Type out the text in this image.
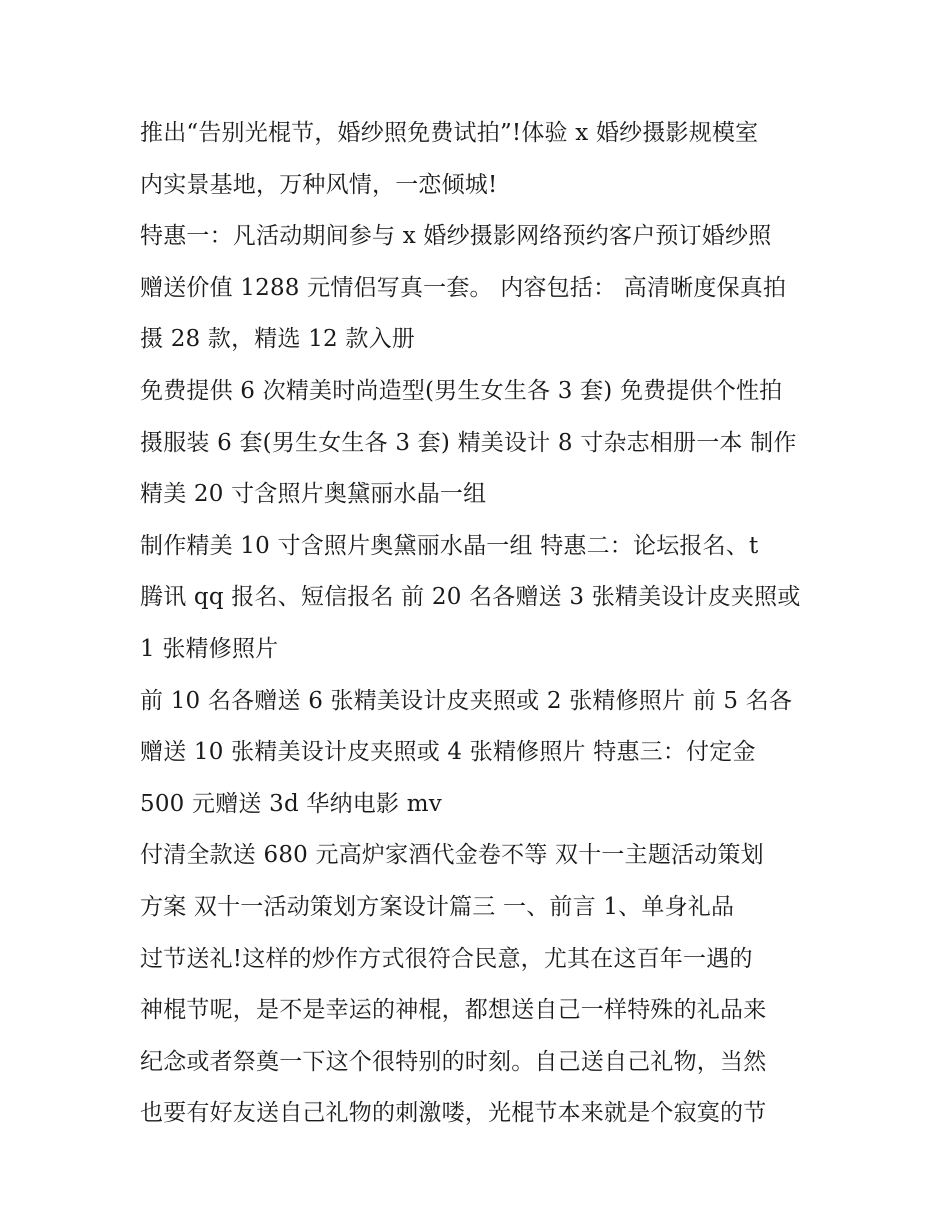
推出“告别光棍节，婚纱照免费试拍”!体验 x 婚纱摄影规模室
内实景基地，万种风情，一恋倾城!
特惠一：凡活动期间参与 x 婚纱摄影网络预约客户预订婚纱照
赠送价值 1288 元情侣写真一套。 内容包括： 高清晰度保真拍
摄 28 款，精选 12 款入册
免费提供 6 次精美时尚造型(男生女生各 3 套) 免费提供个性拍
摄服装 6 套(男生女生各 3 套) 精美设计 8 寸杂志相册一本 制作
精美 20 寸含照片奥黛丽水晶一组
制作精美 10 寸含照片奥黛丽水晶一组 特惠二：论坛报名、t
腾讯 qq 报名、短信报名 前 20 名各赠送 3 张精美设计皮夹照或
1 张精修照片
前 10 名各赠送 6 张精美设计皮夹照或 2 张精修照片 前 5 名各
赠送 10 张精美设计皮夹照或 4 张精修照片 特惠三：付定金
500 元赠送 3d 华纳电影 mv
付清全款送 680 元高炉家酒代金卷不等 双十一主题活动策划
方案 双十一活动策划方案设计篇三 一、前言 1、单身礼品
过节送礼!这样的炒作方式很符合民意，尤其在这百年一遇的
神棍节呢，是不是幸运的神棍，都想送自己一样特殊的礼品来
纪念或者祭奠一下这个很特别的时刻。自己送自己礼物，当然
也要有好友送自己礼物的刺激喽，光棍节本来就是个寂寞的节
